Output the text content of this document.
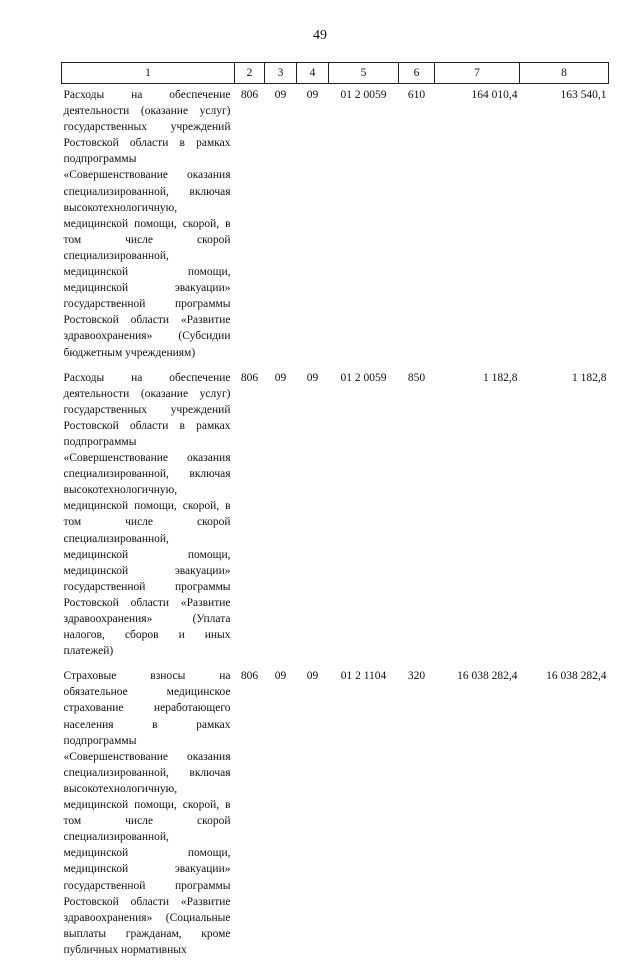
49
1	2	3	4	5	6	7	8
Расходы на обеспечение деятельности (оказание услуг) государственных учреждений Ростовской области в рамках подпрограммы «Совершенствование оказания специализированной, включая высокотехнологичную, медицинской помощи, скорой, в том числе скорой специализированной, медицинской помощи, медицинской эвакуации» государственной программы Ростовской области «Развитие здравоохранения» (Субсидии бюджетным учреждениям)	806	09	09	01 2 0059	610	164 010,4	163 540,1
Расходы на обеспечение деятельности (оказание услуг) государственных учреждений Ростовской области в рамках подпрограммы «Совершенствование оказания специализированной, включая высокотехнологичную, медицинской помощи, скорой, в том числе скорой специализированной, медицинской помощи, медицинской эвакуации» государственной программы Ростовской области «Развитие здравоохранения» (Уплата налогов, сборов и иных платежей)	806	09	09	01 2 0059	850	1 182,8	1 182,8
Страховые взносы на обязательное медицинское страхование неработающего населения в рамках подпрограммы «Совершенствование оказания специализированной, включая высокотехнологичную, медицинской помощи, скорой, в том числе скорой специализированной, медицинской помощи, медицинской эвакуации» государственной программы Ростовской области «Развитие здравоохранения» (Социальные выплаты гражданам, кроме публичных нормативных	806	09	09	01 2 1104	320	16 038 282,4	16 038 282,4
